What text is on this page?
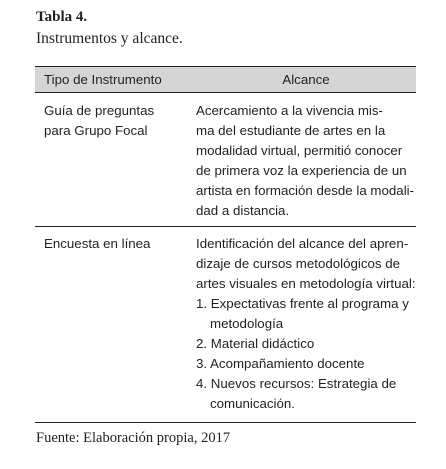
Tabla 4.
Instrumentos y alcance.
Tipo de Instrumento	Alcance
Guía de preguntas
para Grupo Focal
Acercamiento a la vivencia mis-
ma del estudiante de artes en la
modalidad virtual, permitió conocer
de primera voz la experiencia de un
artista en formación desde la modali-
dad a distancia.
Encuesta en línea	Identificación del alcance del apren-
dizaje de cursos metodológicos de
artes visuales en metodología virtual:
1. Expectativas frente al programa y
metodología
2. Material didáctico
3. Acompañamiento docente
4. Nuevos recursos: Estrategia de
comunicación.
Fuente: Elaboración propia, 2017
